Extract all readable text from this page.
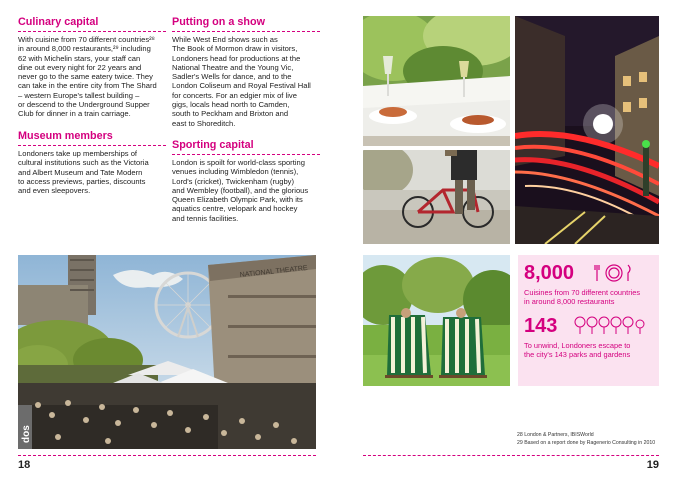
Culinary capital
With cuisine from 70 different countries²⁸
in around 8,000 restaurants,²⁹ including
62 with Michelin stars, your staff can
dine out every night for 22 years and
never go to the same eatery twice. They
can take in the entire city from The Shard
– western Europe's tallest building –
or descend to the Underground Supper
Club for dinner in a train carriage.
Museum members
Londoners take up memberships of
cultural institutions such as the Victoria
and Albert Museum and Tate Modern
to access previews, parties, discounts
and even sleepovers.
Putting on a show
While West End shows such as
The Book of Mormon draw in visitors,
Londoners head for productions at the
National Theatre and the Young Vic,
Sadler's Wells for dance, and to the
London Coliseum and Royal Festival Hall
for concerts. For an edgier mix of live
gigs, locals head north to Camden,
south to Peckham and Brixton and
east to Shoreditch.
Sporting capital
London is spoilt for world-class sporting
venues including Wimbledon (tennis),
Lord's (cricket), Twickenham (rugby)
and Wembley (football), and the glorious
Queen Elizabeth Olympic Park, with its
aquatics centre, velopark and hockey
and tennis facilities.
NATIONAL THEATRE
dos
18
8,000
Cuisines from 70 different countries
in around 8,000 restaurants
143
To unwind, Londoners escape to
the city's 143 parks and gardens
28 London & Partners, IBISWorld
29 Based on a report done by Ragenerio Consulting in 2010
19
